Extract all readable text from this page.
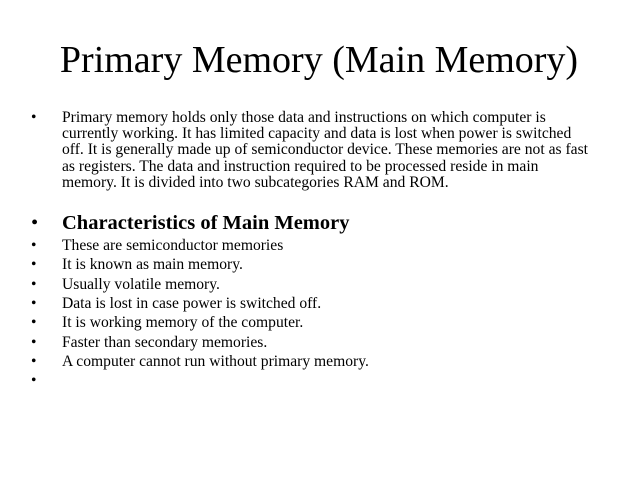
Primary Memory (Main Memory)
• Primary memory holds only those data and instructions on which computer is currently working. It has limited capacity and data is lost when power is switched off. It is generally made up of semiconductor device. These memories are not as fast as registers. The data and instruction required to be processed reside in main memory. It is divided into two subcategories RAM and ROM.
• Characteristics of Main Memory
• These are semiconductor memories
• It is known as main memory.
• Usually volatile memory.
• Data is lost in case power is switched off.
• It is working memory of the computer.
• Faster than secondary memories.
• A computer cannot run without primary memory.
•
